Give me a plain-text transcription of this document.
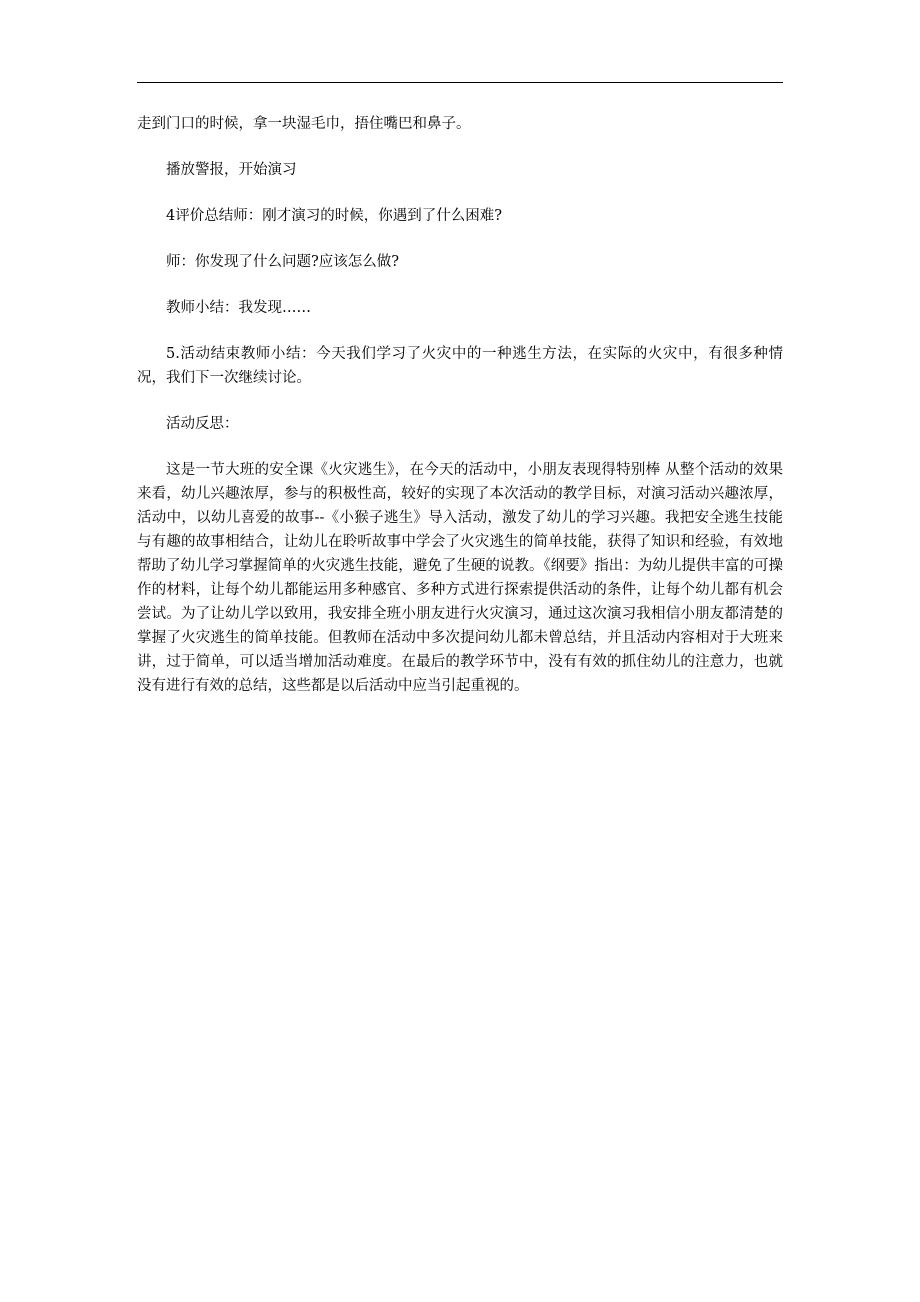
走到门口的时候，拿一块湿毛巾，捂住嘴巴和鼻子。

播放警报，开始演习

4评价总结师：刚才演习的时候，你遇到了什么困难?

师：你发现了什么问题?应该怎么做?

教师小结：我发现……

5.活动结束教师小结：今天我们学习了火灾中的一种逃生方法，在实际的火灾中，有很多种情况，我们下一次继续讨论。

活动反思：

这是一节大班的安全课《火灾逃生》，在今天的活动中，小朋友表现得特别棒 从整个活动的效果来看，幼儿兴趣浓厚，参与的积极性高，较好的实现了本次活动的教学目标，对演习活动兴趣浓厚，活动中，以幼儿喜爱的故事--《小猴子逃生》导入活动，激发了幼儿的学习兴趣。我把安全逃生技能与有趣的故事相结合，让幼儿在聆听故事中学会了火灾逃生的简单技能，获得了知识和经验，有效地帮助了幼儿学习掌握简单的火灾逃生技能，避免了生硬的说教。《纲要》指出：为幼儿提供丰富的可操作的材料，让每个幼儿都能运用多种感官、多种方式进行探索提供活动的条件，让每个幼儿都有机会尝试。为了让幼儿学以致用，我安排全班小朋友进行火灾演习，通过这次演习我相信小朋友都清楚的掌握了火灾逃生的简单技能。但教师在活动中多次提问幼儿都未曾总结，并且活动内容相对于大班来讲，过于简单，可以适当增加活动难度。在最后的教学环节中，没有有效的抓住幼儿的注意力，也就没有进行有效的总结，这些都是以后活动中应当引起重视的。
